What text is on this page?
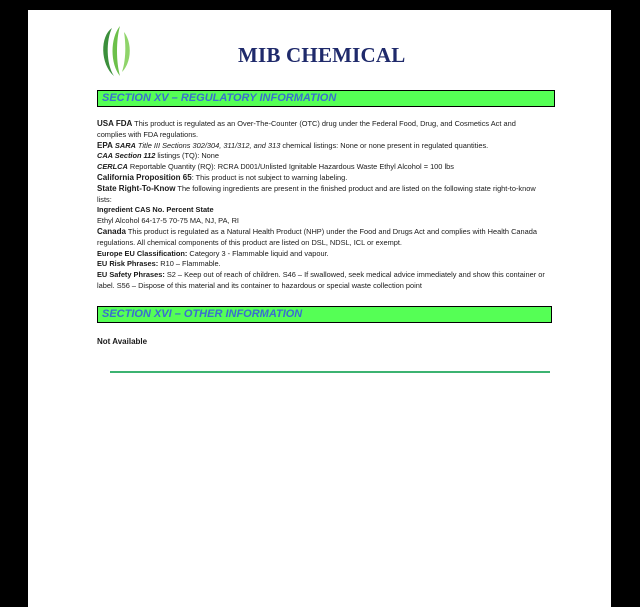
MIB CHEMICAL
SECTION XV – REGULATORY INFORMATION

USA FDA This product is regulated as an Over-The-Counter (OTC) drug under the Federal Food, Drug, and Cosmetics Act and complies with FDA regulations.

EPA SARA Title III Sections 302/304, 311/312, and 313 chemical listings: None or none present in regulated quantities.

CAA Section 112 listings (TQ): None

CERLCA Reportable Quantity (RQ): RCRA D001/Unlisted Ignitable Hazardous Waste Ethyl Alcohol = 100 lbs

California Proposition 65: This product is not subject to warning labeling.

State Right-To-Know The following ingredients are present in the finished product and are listed on the following state right-to-know lists:

Ingredient CAS No. Percent State

Ethyl Alcohol 64-17-5 70-75 MA, NJ, PA, RI

Canada This product is regulated as a Natural Health Product (NHP) under the Food and Drugs Act and complies with Health Canada regulations. All chemical components of this product are listed on DSL, NDSL, ICL or exempt.

Europe EU Classification: Category 3 - Flammable liquid and vapour.

EU Risk Phrases: R10 – Flammable.

EU Safety Phrases: S2 – Keep out of reach of children. S46 – If swallowed, seek medical advice immediately and show this container or label. S56 – Dispose of this material and its container to hazardous or special waste collection point

SECTION XVI – OTHER INFORMATION
Not Available
